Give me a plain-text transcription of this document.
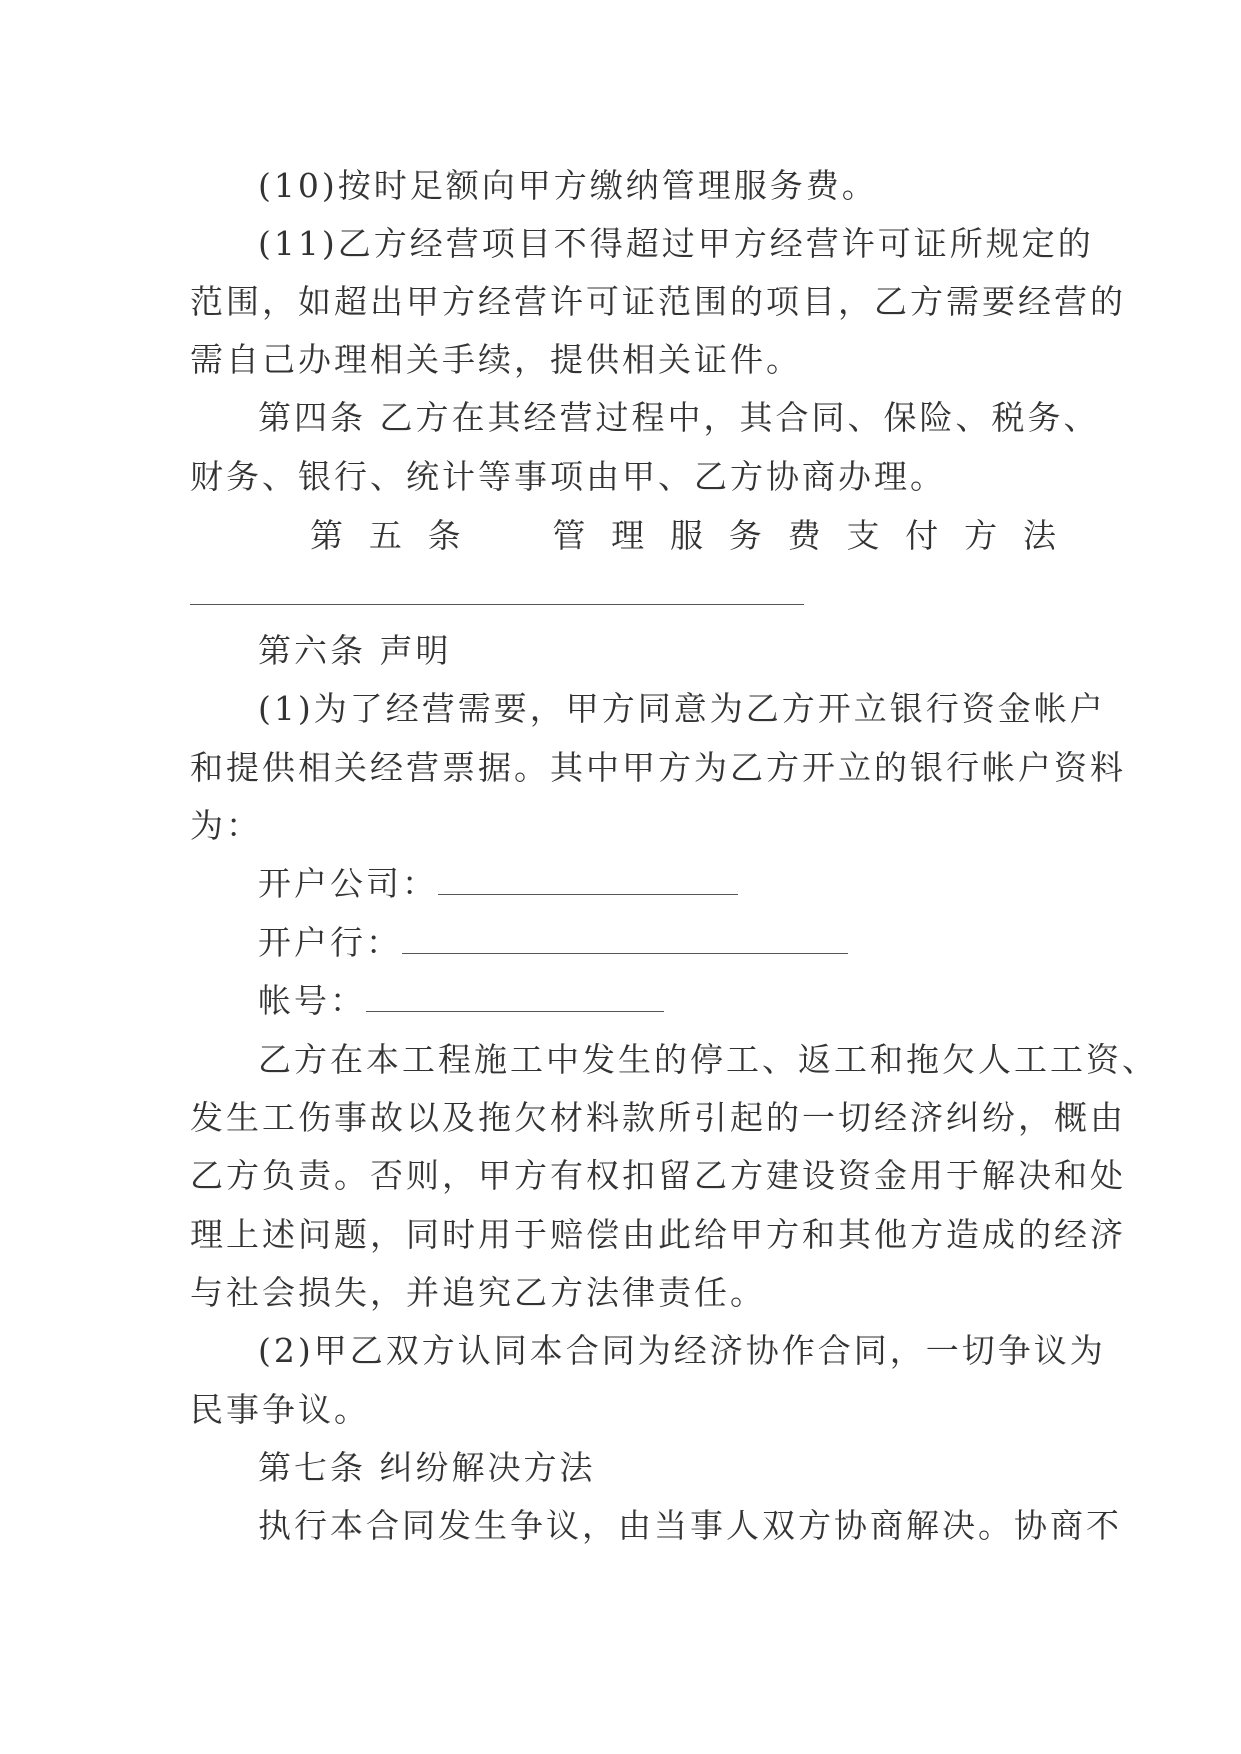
(10)按时足额向甲方缴纳管理服务费。
(11)乙方经营项目不得超过甲方经营许可证所规定的
范围，如超出甲方经营许可证范围的项目，乙方需要经营的
需自己办理相关手续，提供相关证件。
第四条 乙方在其经营过程中，其合同、保险、税务、
财务、银行、统计等事项由甲、乙方协商办理。
第 五 条	管 理 服 务 费 支 付 方 法
第六条 声明
(1)为了经营需要，甲方同意为乙方开立银行资金帐户
和提供相关经营票据。其中甲方为乙方开立的银行帐户资料
为：
开户公司：
开户行：
帐号：
乙方在本工程施工中发生的停工、返工和拖欠人工工资、
发生工伤事故以及拖欠材料款所引起的一切经济纠纷，概由
乙方负责。否则，甲方有权扣留乙方建设资金用于解决和处
理上述问题，同时用于赔偿由此给甲方和其他方造成的经济
与社会损失，并追究乙方法律责任。
(2)甲乙双方认同本合同为经济协作合同，一切争议为
民事争议。
第七条 纠纷解决方法
执行本合同发生争议，由当事人双方协商解决。协商不
